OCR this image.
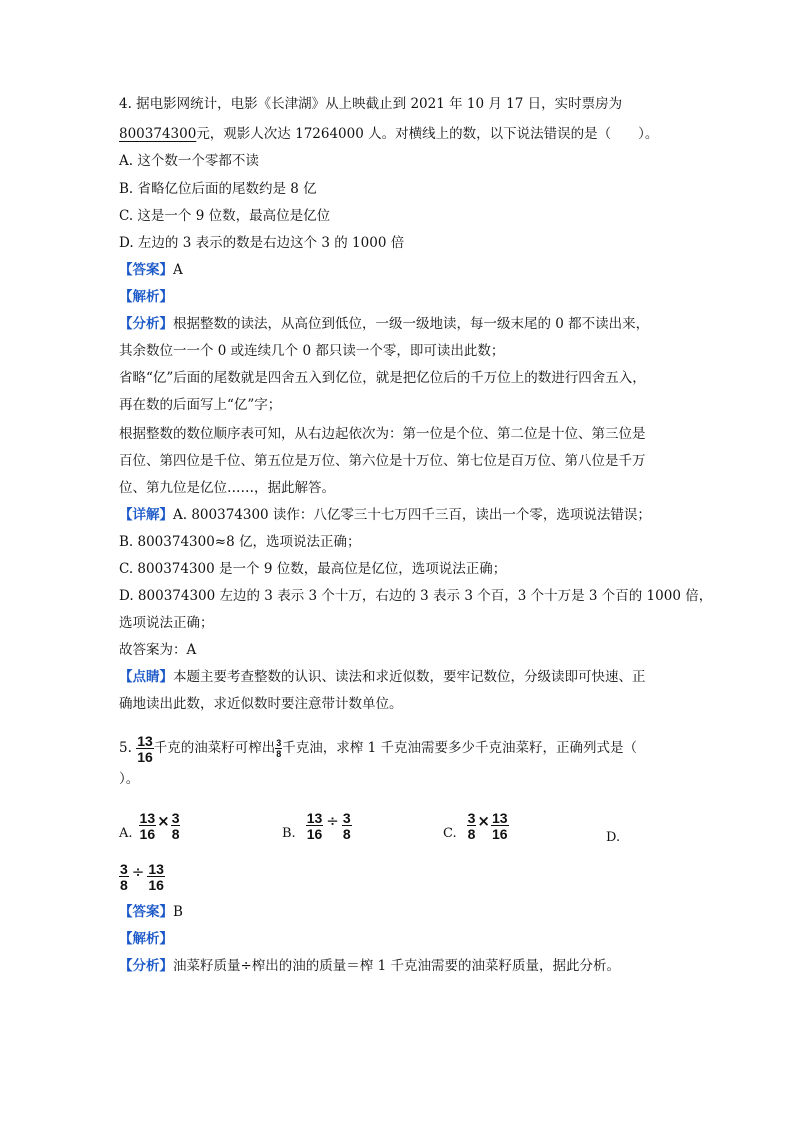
4. 据电影网统计，电影《长津湖》从上映截止到 2021 年 10 月 17 日，实时票房为
800374300元，观影人次达 17264000 人。对横线上的数，以下说法错误的是（　　）。
A. 这个数一个零都不读
B. 省略亿位后面的尾数约是 8 亿
C. 这是一个 9 位数，最高位是亿位
D. 左边的 3 表示的数是右边这个 3 的 1000 倍
【答案】A
【解析】
【分析】根据整数的读法，从高位到低位，一级一级地读，每一级末尾的 0 都不读出来，
其余数位一一个 0 或连续几个 0 都只读一个零，即可读出此数；
省略“亿”后面的尾数就是四舍五入到亿位，就是把亿位后的千万位上的数进行四舍五入，
再在数的后面写上“亿”字；
根据整数的数位顺序表可知，从右边起依次为：第一位是个位、第二位是十位、第三位是
百位、第四位是千位、第五位是万位、第六位是十万位、第七位是百万位、第八位是千万
位、第九位是亿位……，据此解答。
【详解】A. 800374300 读作：八亿零三十七万四千三百，读出一个零，选项说法错误；
B. 800374300≈8 亿，选项说法正确；
C. 800374300 是一个 9 位数，最高位是亿位，选项说法正确；
D. 800374300 左边的 3 表示 3 个十万，右边的 3 表示 3 个百，3 个十万是 3 个百的 1000 倍，
选项说法正确；
故答案为：A
【点睛】本题主要考查整数的认识、读法和求近似数，要牢记数位，分级读即可快速、正
确地读出此数，求近似数时要注意带计数单位。
5. $\frac{13}{16}$ 千克的油菜籽可榨出 $\frac{3}{8}$ 千克油，求榨 1 千克油需要多少千克油菜籽，正确列式是（
）。
A. $\frac{13}{16} \times \frac{3}{8}$	B. $\frac{13}{16} \div \frac{3}{8}$	C. $\frac{3}{8} \times \frac{13}{16}$	D.
$\frac{3}{8} \div \frac{13}{16}$
【答案】B
【解析】
【分析】油菜籽质量÷榨出的油的质量＝榨 1 千克油需要的油菜籽质量，据此分析。
